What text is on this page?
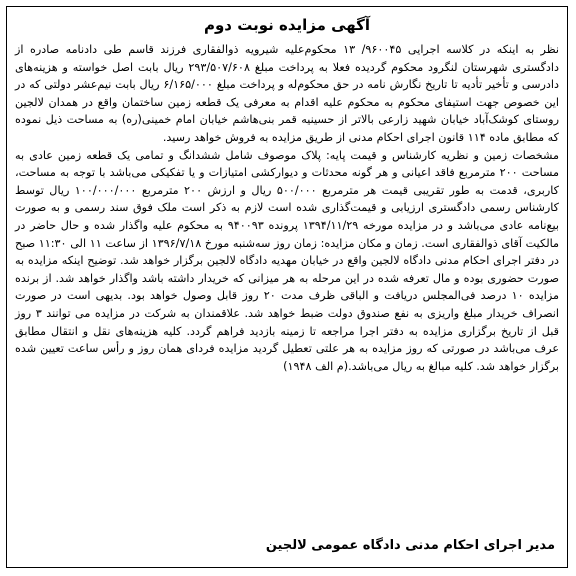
آگهی مزایده نوبت دوم

نظر به اینکه در کلاسه اجرایی ۹۶۰۰۴۵/ ۱۳ محکوم‌علیه شیرویه ذوالفقاری فرزند قاسم طی دادنامه صادره از دادگستری شهرستان لنگرود محکوم گردیده فعلا به پرداخت مبلغ ۲۹۳/۵۰۷/۶۰۸ ریال بابت اصل خواسته و هزینه‌های دادرسی و تأخیر تأدیه تا تاریخ نگارش نامه در حق محکوم‌له و پرداخت مبلغ ۶/۱۶۵/۰۰۰ ریال بابت نیم‌عشر دولتی که در این خصوص جهت استیفای محکوم به محکوم علیه اقدام به معرفی یک قطعه زمین ساختمان واقع در همدان لالجین روستای کوشک‌آباد خیابان شهید زارعی بالاتر از حسینیه قمر بنی‌هاشم خیابان امام خمینی(ره) به مساحت ذیل نموده که مطابق ماده ۱۱۴ قانون اجرای احکام مدنی از طریق مزایده به فروش خواهد رسید.

مشخصات زمین و نظریه کارشناس و قیمت پایه: پلاک موصوف شامل ششدانگ و تمامی یک قطعه زمین عادی به مساحت ۲۰۰ مترمربع فاقد اعیانی و هر گونه محدثات و دیوارکشی امتیازات و یا تفکیکی می‌باشد با توجه به مساحت، کاربری، قدمت به طور تقریبی قیمت هر مترمربع ۵۰۰/۰۰۰ ریال و ارزش ۲۰۰ مترمربع ۱۰۰/۰۰۰/۰۰۰ ریال توسط کارشناس رسمی دادگستری ارزیابی و قیمت‌گذاری شده است لازم به ذکر است ملک فوق سند رسمی و به صورت بیع‌نامه عادی می‌باشد و در مزایده مورخه ۱۳۹۴/۱۱/۲۹ پرونده ۹۴۰۰۹۳ به محکوم علیه واگذار شده و حال حاضر در مالکیت آقای ذوالفقاری است. زمان و مکان مزایده: زمان روز سه‌شنبه مورخ ۱۳۹۶/۷/۱۸ از ساعت ۱۱ الی ۱۱:۳۰ صبح در دفتر اجرای احکام مدنی دادگاه لالجین واقع در خیابان مهدیه دادگاه لالجین برگزار خواهد شد. توضیح اینکه مزایده به صورت حضوری بوده و مال تعرفه شده در این مرحله به هر میزانی که خریدار داشته باشد واگذار خواهد شد. از برنده مزایده ۱۰ درصد فی‌المجلس دریافت و الباقی ظرف مدت ۲۰ روز قابل وصول خواهد بود. بدیهی است در صورت انصراف خریدار مبلغ واریزی به نفع صندوق دولت ضبط خواهد شد. علاقمندان به شرکت در مزایده می توانند ۳ روز قبل از تاریخ برگزاری مزایده به دفتر اجرا مراجعه تا زمینه بازدید فراهم گردد. کلیه هزینه‌های نقل و انتقال مطابق عرف می‌باشد در صورتی که روز مزایده به هر علتی تعطیل گردید مزایده فردای همان روز و رأس ساعت تعیین شده برگزار خواهد شد. کلیه مبالغ به ریال می‌باشد.(م الف ۱۹۴۸)

مدیر اجرای احکام مدنی دادگاه عمومی لالجین
